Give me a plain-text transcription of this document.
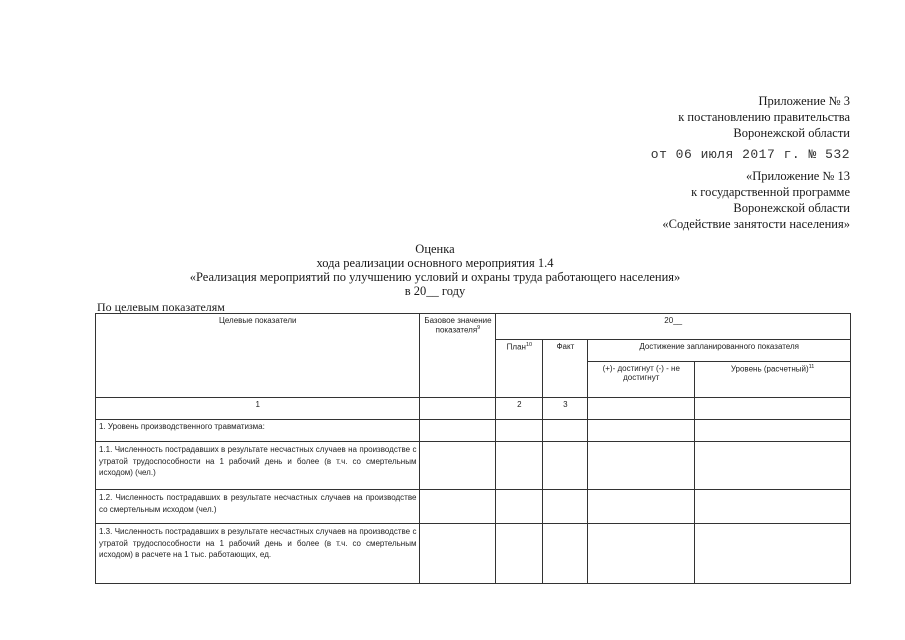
Приложение № 3
к постановлению правительства
Воронежской области
от 06 июля 2017 г. № 532
«Приложение № 13
к государственной программе
Воронежской области
«Содействие занятости населения»
Оценка
хода реализации основного мероприятия 1.4
«Реализация мероприятий по улучшению условий и охраны труда работающего населения»
в 20__ году
По целевым показателям
Целевые показатели	Базовое значение показателя$^9$	20__			
		План$^{10}$	Факт	Достижение запланированного показателя	
				(+)- достигнут (-) - не достигнут	Уровень (расчетный)$^{11}$
1		2	3		
1. Уровень производственного травматизма:					
1.1. Численность пострадавших в результате несчастных случаев на производстве с утратой трудоспособности на 1 рабочий день и более (в т.ч. со смертельным исходом) (чел.)					
1.2. Численность пострадавших в результате несчастных случаев на производстве со смертельным исходом (чел.)					
1.3. Численность пострадавших в результате несчастных случаев на производстве с утратой трудоспособности на 1 рабочий день и более (в т.ч. со смертельным исходом) в расчете на 1 тыс. работающих, ед.					
